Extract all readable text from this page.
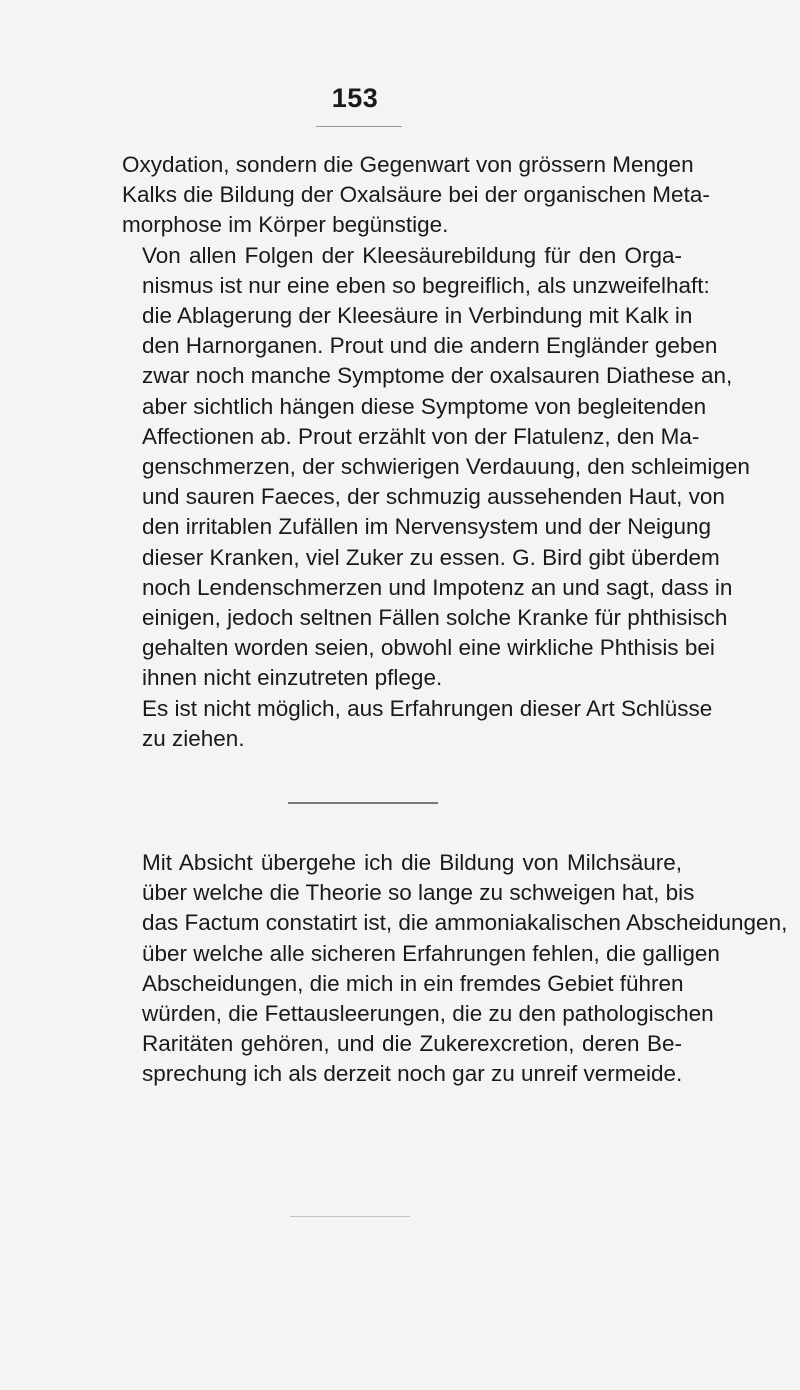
153

Oxydation, sondern die Gegenwart von grössern Mengen
Kalks die Bildung der Oxalsäure bei der organischen Meta-
morphose im Körper begünstige.

Von allen Folgen der Kleesäurebildung für den Orga-
nismus ist nur eine eben so begreiflich, als unzweifelhaft:
die Ablagerung der Kleesäure in Verbindung mit Kalk in
den Harnorganen. Prout und die andern Engländer geben
zwar noch manche Symptome der oxalsauren Diathese an,
aber sichtlich hängen diese Symptome von begleitenden
Affectionen ab. Prout erzählt von der Flatulenz, den Ma-
genschmerzen, der schwierigen Verdauung, den schleimigen
und sauren Faeces, der schmuzig aussehenden Haut, von
den irritablen Zufällen im Nervensystem und der Neigung
dieser Kranken, viel Zuker zu essen. G. Bird gibt überdem
noch Lendenschmerzen und Impotenz an und sagt, dass in
einigen, jedoch seltnen Fällen solche Kranke für phthisisch
gehalten worden seien, obwohl eine wirkliche Phthisis bei
ihnen nicht einzutreten pflege.

Es ist nicht möglich, aus Erfahrungen dieser Art Schlüsse
zu ziehen.

Mit Absicht übergehe ich die Bildung von Milchsäure,
über welche die Theorie so lange zu schweigen hat, bis
das Factum constatirt ist, die ammoniakalischen Abscheidungen,
über welche alle sicheren Erfahrungen fehlen, die galligen
Abscheidungen, die mich in ein fremdes Gebiet führen
würden, die Fettausleerungen, die zu den pathologischen
Raritäten gehören, und die Zukerexcretion, deren Be-
sprechung ich als derzeit noch gar zu unreif vermeide.
